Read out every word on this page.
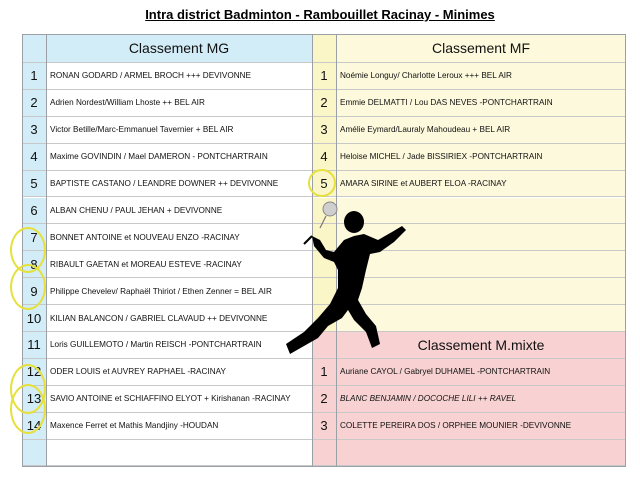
Intra district Badminton - Rambouillet Racinay - Minimes
Classement MG
1	RONAN GODARD / ARMEL BROCH +++ DEVIVONNE
2	Adrien Nordest/William Lhoste ++ BEL AIR
3	Victor Betille/Marc-Emmanuel Tavernier + BEL AIR
4	Maxime GOVINDIN / Mael DAMERON - PONTCHARTRAIN
5	BAPTISTE CASTANO / LEANDRE DOWNER ++ DEVIVONNE
6	ALBAN CHENU / PAUL JEHAN + DEVIVONNE
7	BONNET ANTOINE et NOUVEAU ENZO -RACINAY
8	RIBAULT GAETAN et MOREAU ESTEVE -RACINAY
9	Philippe Chevelev/ Raphaël Thiriot / Ethen Zenner = BEL AIR
10	KILIAN BALANCON / GABRIEL CLAVAUD ++ DEVIVONNE
11	Loris GUILLEMOTO / Martin REISCH -PONTCHARTRAIN
12	ODER LOUIS et AUVREY RAPHAEL -RACINAY
13	SAVIO ANTOINE et SCHIAFFINO ELYOT + Kirishanan -RACINAY
14	Maxence Ferret et Mathis Mandjiny -HOUDAN
Classement MF
1	Noémie Longuy/ Charlotte Leroux +++ BEL AIR
2	Emmie DELMATTI / Lou DAS NEVES -PONTCHARTRAIN
3	Amélie Eymard/Lauraly Mahoudeau + BEL AIR
4	Heloise MICHEL / Jade BISSIRIEX -PONTCHARTRAIN
5	AMARA SIRINE et AUBERT ELOA -RACINAY
Classement M.mixte
1	Auriane CAYOL / Gabryel DUHAMEL -PONTCHARTRAIN
2	BLANC BENJAMIN / DOCOCHE LILI ++ RAVEL
3	COLETTE PEREIRA DOS / ORPHEE MOUNIER -DEVIVONNE
